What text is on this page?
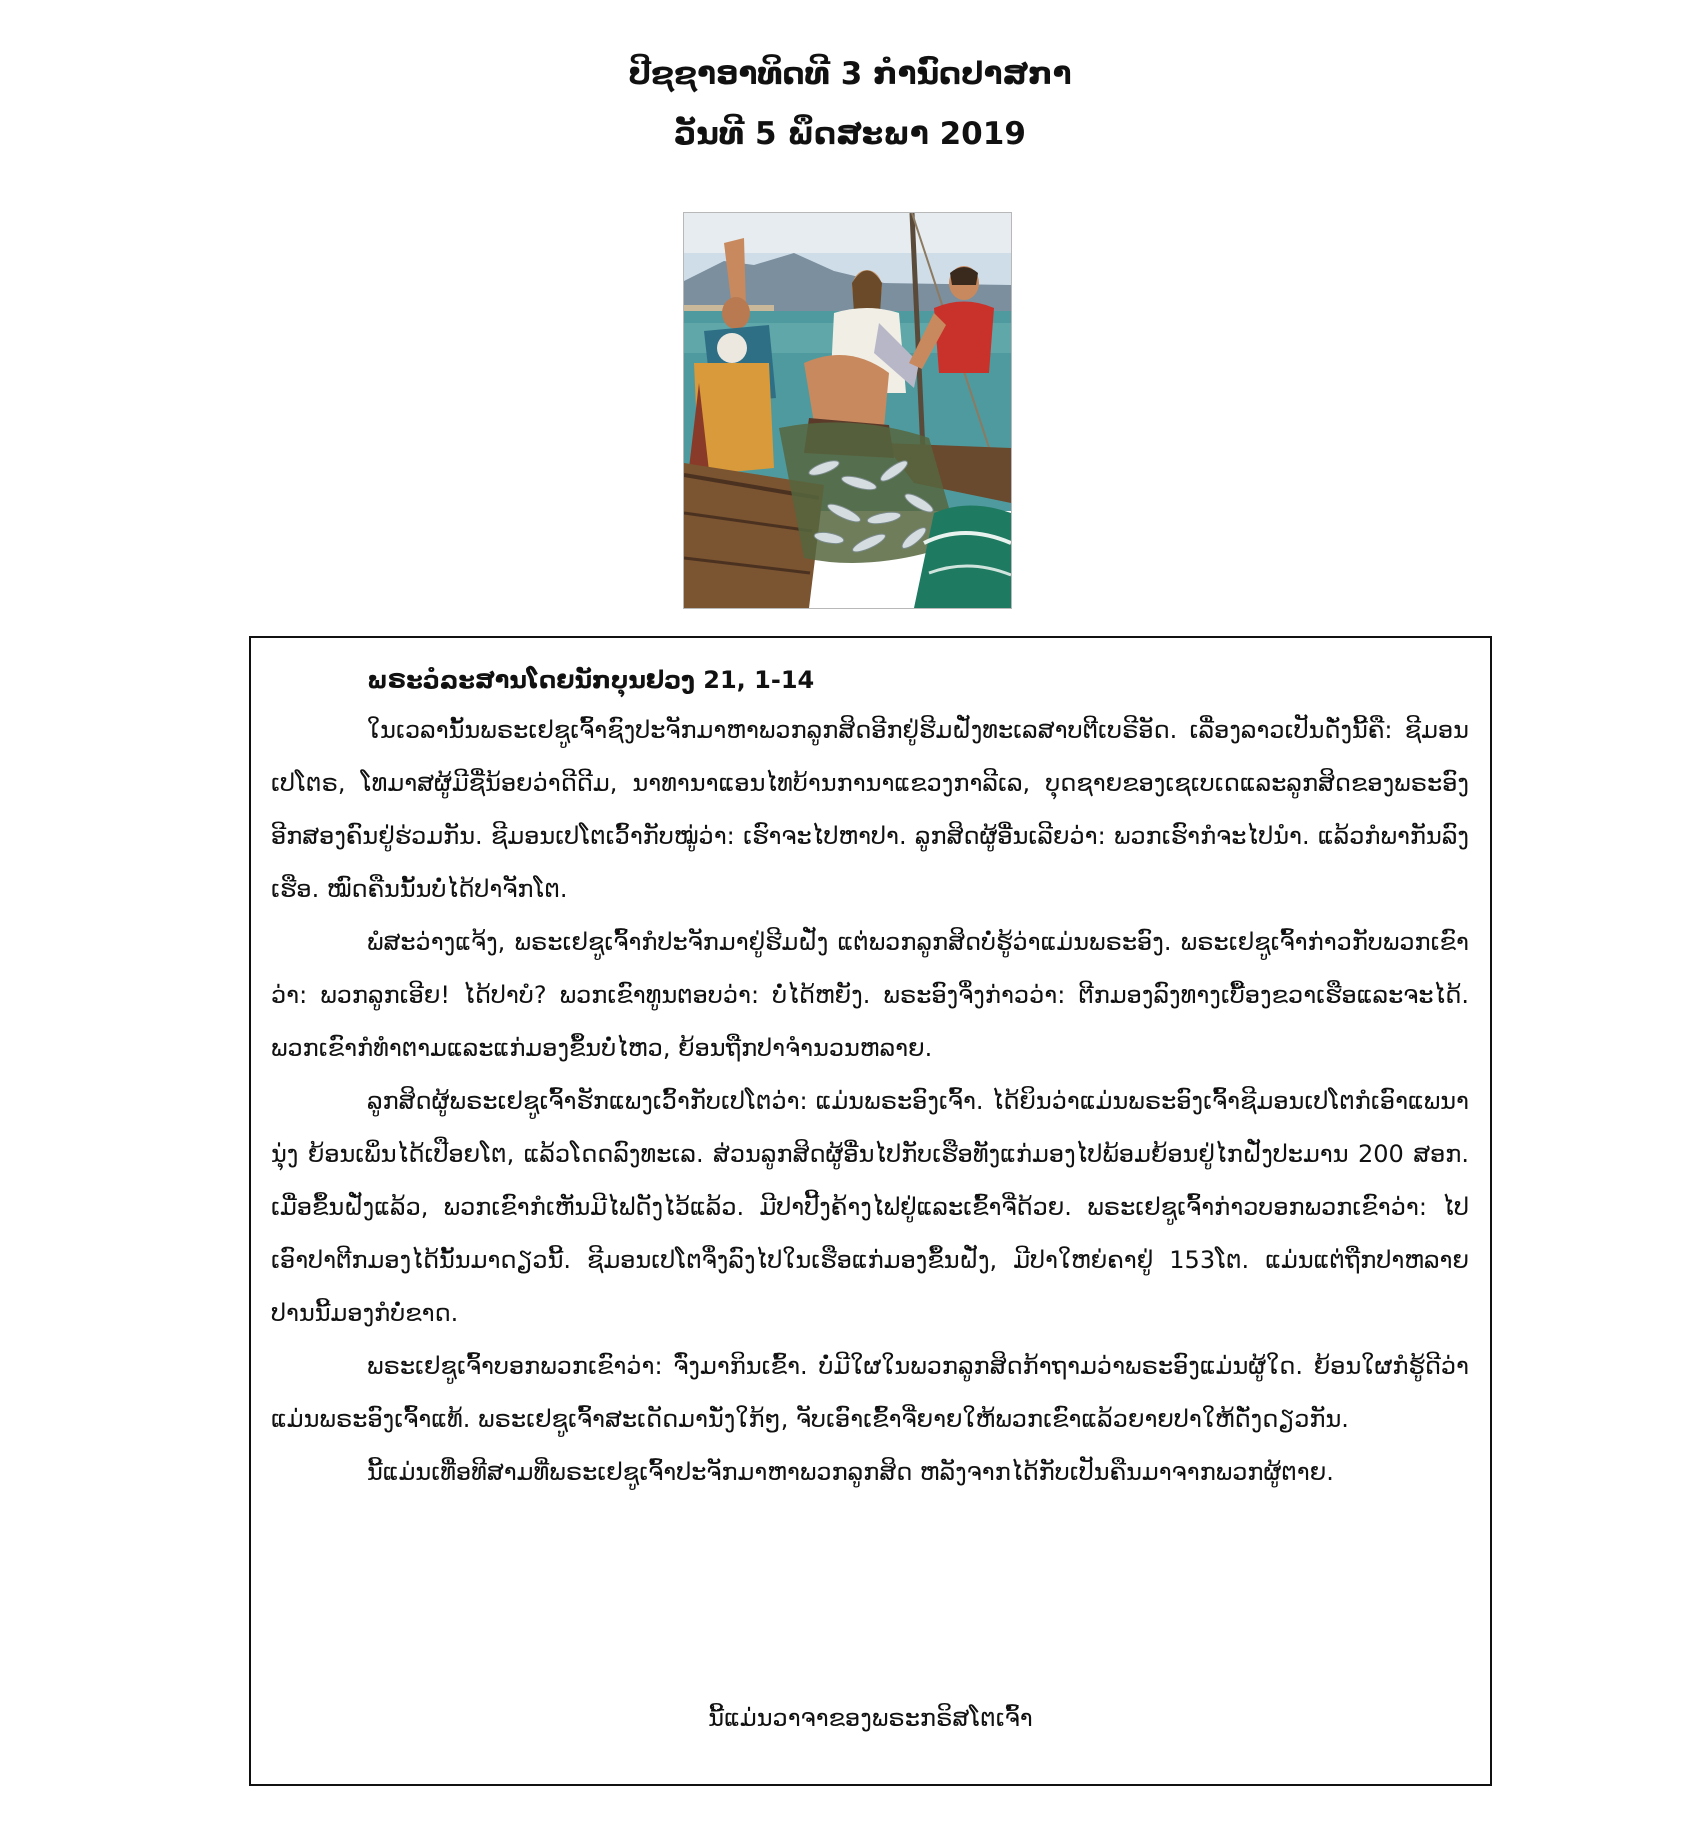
ປີຊຊາອາທິດທີ 3 ກຳນົດປາສກາ
ວັນທີ 5 ພຶດສະພາ 2019
ພຣະວໍລະສານໂດຍນັກບຸນຢວງ 21, 1-14

ໃນເວລານັ້ນພຣະເຢຊູເຈົ້າຊົງປະຈັກມາຫາພວກລູກສິດອີກຢູ່ຮີມຝັ່ງທະເລສາບຕີເບຣີອັດ. ເລື່ອງລາວເປັນດັ່ງນີ້ຄື: ຊີມອນເປໂຕຣ, ໂທມາສຜູ້ມີຊື່ນ້ອຍວ່າດີດີມ, ນາທານາແອນໄທບ້ານການາແຂວງກາລີເລ, ບຸດຊາຍຂອງເຊເບເດແລະລູກສິດຂອງພຣະອົງອີກສອງຄົນຢູ່ຮ່ວມກັນ. ຊີມອນເປໂຕເວົ້າກັບໝູ່ວ່າ: ເຮົາຈະໄປຫາປາ. ລູກສິດຜູ້ອື່ນເລີຍວ່າ: ພວກເຮົາກໍຈະໄປນຳ. ແລ້ວກໍພາກັນລົງເຮືອ. ໝົດຄືນນັ້ນບໍ່ໄດ້ປາຈັກໂຕ.

ພໍສະວ່າງແຈ້ງ, ພຣະເຢຊູເຈົ້າກໍປະຈັກມາຢູ່ຮີມຝັ່ງ ແຕ່ພວກລູກສິດບໍ່ຮູ້ວ່າແມ່ນພຣະອົງ. ພຣະເຢຊູເຈົ້າກ່າວກັບພວກເຂົາວ່າ: ພວກລູກເອີຍ! ໄດ້ປາບໍ? ພວກເຂົາທູນຕອບວ່າ: ບໍ່ໄດ້ຫຍັງ. ພຣະອົງຈຶ່ງກ່າວວ່າ: ຕີກມອງລົງທາງເບື້ອງຂວາເຮືອແລະຈະໄດ້. ພວກເຂົາກໍທຳຕາມແລະແກ່ມອງຂຶ້ນບໍ່ໄຫວ, ຍ້ອນຖືກປາຈຳນວນຫລາຍ.

ລູກສິດຜູ້ພຣະເຢຊູເຈົ້າຮັກແພງເວົ້າກັບເປໂຕວ່າ: ແມ່ນພຣະອົງເຈົ້າ. ໄດ້ຍິນວ່າແມ່ນພຣະອົງເຈົ້າຊີມອນເປໂຕກໍເອົາແພນານຸ່ງ ຍ້ອນເພິ່ນໄດ້ເປືອຍໂຕ, ແລ້ວໂດດລົງທະເລ. ສ່ວນລູກສິດຜູ້ອື່ນໄປກັບເຮືອທັງແກ່ມອງໄປພ້ອມຍ້ອນຢູ່ໄກຝັ່ງປະມານ 200 ສອກ. ເມື່ອຂຶ້ນຝັ່ງແລ້ວ, ພວກເຂົາກໍເຫັນມີໄຟດັງໄວ້ແລ້ວ. ມີປາປີ້ງຄ້າງໄຟຢູ່ແລະເຂົ້າຈີ່ດ້ວຍ. ພຣະເຢຊູເຈົ້າກ່າວບອກພວກເຂົາວ່າ: ໄປເອົາປາຕີກມອງໄດ້ນັ້ນມາດຽວນີ້. ຊີມອນເປໂຕຈຶ່ງລົງໄປໃນເຮືອແກ່ມອງຂຶ້ນຝັ່ງ, ມີປາໃຫຍ່ຄາຢູ່ 153ໂຕ. ແມ່ນແຕ່ຖືກປາຫລາຍປານນີ້ມອງກໍບໍ່ຂາດ.

ພຣະເຢຊູເຈົ້າບອກພວກເຂົາວ່າ: ຈົ່ງມາກິນເຂົ້າ. ບໍ່ມີໃຜໃນພວກລູກສິດກ້າຖາມວ່າພຣະອົງແມ່ນຜູ້ໃດ. ຍ້ອນໃຜກໍຮູ້ດີວ່າແມ່ນພຣະອົງເຈົ້າແທ້. ພຣະເຢຊູເຈົ້າສະເດັດມານັ່ງໃກ້ໆ, ຈັບເອົາເຂົ້າຈີ່ຍາຍໃຫ້ພວກເຂົາແລ້ວຍາຍປາໃຫ້ດັ່ງດຽວກັນ.

ນີ້ແມ່ນເທື່ອທີສາມທີ່ພຣະເຢຊູເຈົ້າປະຈັກມາຫາພວກລູກສິດ ຫລັງຈາກໄດ້ກັບເປັນຄືນມາຈາກພວກຜູ້ຕາຍ.

ນີ້ແມ່ນວາຈາຂອງພຣະກຣິສໂຕເຈົ້າ
